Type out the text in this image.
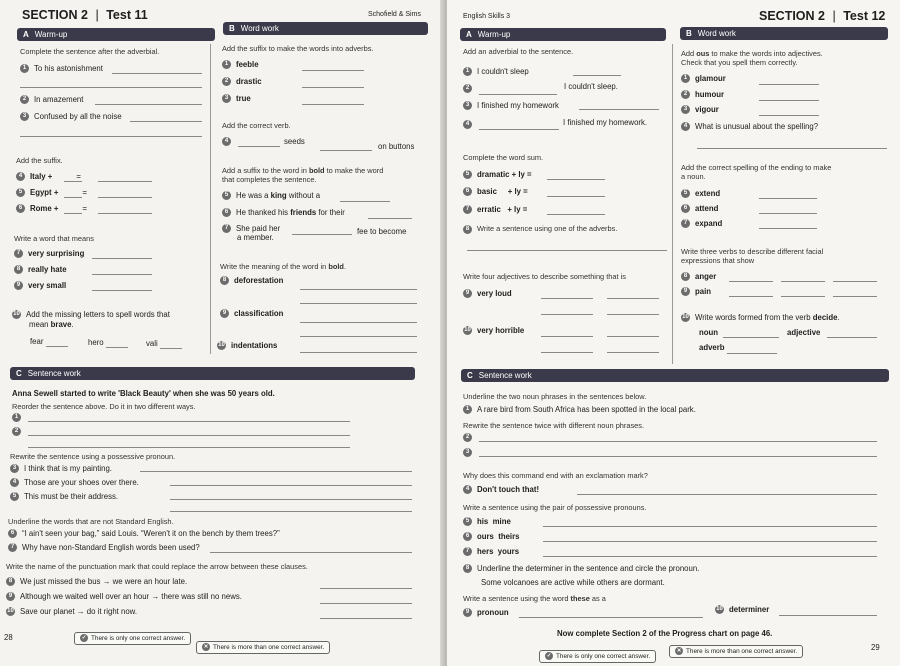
SECTION 2 | Test 11	Schofield & Sims
A Warm-up
Complete the sentence after the adverbial.
1 To his astonishment
2 In amazement
3 Confused by all the noise
Add the suffix.
4 Italy +	=
5 Egypt +	=
6 Rome +	=
Write a word that means
7 very surprising
8 really hate
9 very small
10 Add the missing letters to spell words that
mean brave.
fear	hero	vali
B Word work
Add the suffix to make the words into adverbs.
1 feeble
2 drastic
3 true
Add the correct verb.
4	seeds
on buttons
Add a suffix to the word in bold to make the word
that completes the sentence.
5 He was a king without a
6 He thanked his friends for their
7 She paid her
a member.
fee to become
Write the meaning of the word in bold.
8 deforestation
9 classification
10 indentations
C Sentence work
Anna Sewell started to write 'Black Beauty' when she was 50 years old.
Reorder the sentence above. Do it in two different ways.
1
2
Rewrite the sentence using a possessive pronoun.
3 I think that is my painting.
4 Those are your shoes over there.
5 This must be their address.
Underline the words that are not Standard English.
6 “I ain't seen your bag,” said Louis. “Weren't it on the bench by them trees?”
7 Why have non-Standard English words been used?
Write the name of the punctuation mark that could replace the arrow between these clauses.
8 We just missed the bus → we were an hour late.
9 Although we waited well over an hour → there was still no news.
10 Save our planet → do it right now.
28	✓ There is only one correct answer.
✕ There is more than one correct answer.
English Skills 3	SECTION 2 | Test 12
A Warm-up
Add an adverbial to the sentence.
1 I couldn't sleep
2	I couldn't sleep.
3 I finished my homework
4	I finished my homework.
Complete the word sum.
5 dramatic + ly =
6 basic     + ly =
7 erratic   + ly =
8 Write a sentence using one of the adverbs.
Write four adjectives to describe something that is
9 very loud
10 very horrible
B Word work
Add ous to make the words into adjectives.
Check that you spell them correctly.
1 glamour
2 humour
3 vigour
4 What is unusual about the spelling?
Add the correct spelling of the ending to make
a noun.
5 extend
6 attend
7 expand
Write three verbs to describe different facial
expressions that show
8 anger
9 pain
10 Write words formed from the verb decide.
noun	adjective
adverb
C Sentence work
Underline the two noun phrases in the sentences below.
1 A rare bird from South Africa has been spotted in the local park.
Rewrite the sentence twice with different noun phrases.
2
3
Why does this command end with an exclamation mark?
4 Don't touch that!
Write a sentence using the pair of possessive pronouns.
5 his  mine
6 ours  theirs
7 hers  yours
8 Underline the determiner in the sentence and circle the pronoun.
Some volcanoes are active while others are dormant.
Write a sentence using the word these as a
9 pronoun	10 determiner
Now complete Section 2 of the Progress chart on page 46.
✓ There is only one correct answer.
✕ There is more than one correct answer.	29
